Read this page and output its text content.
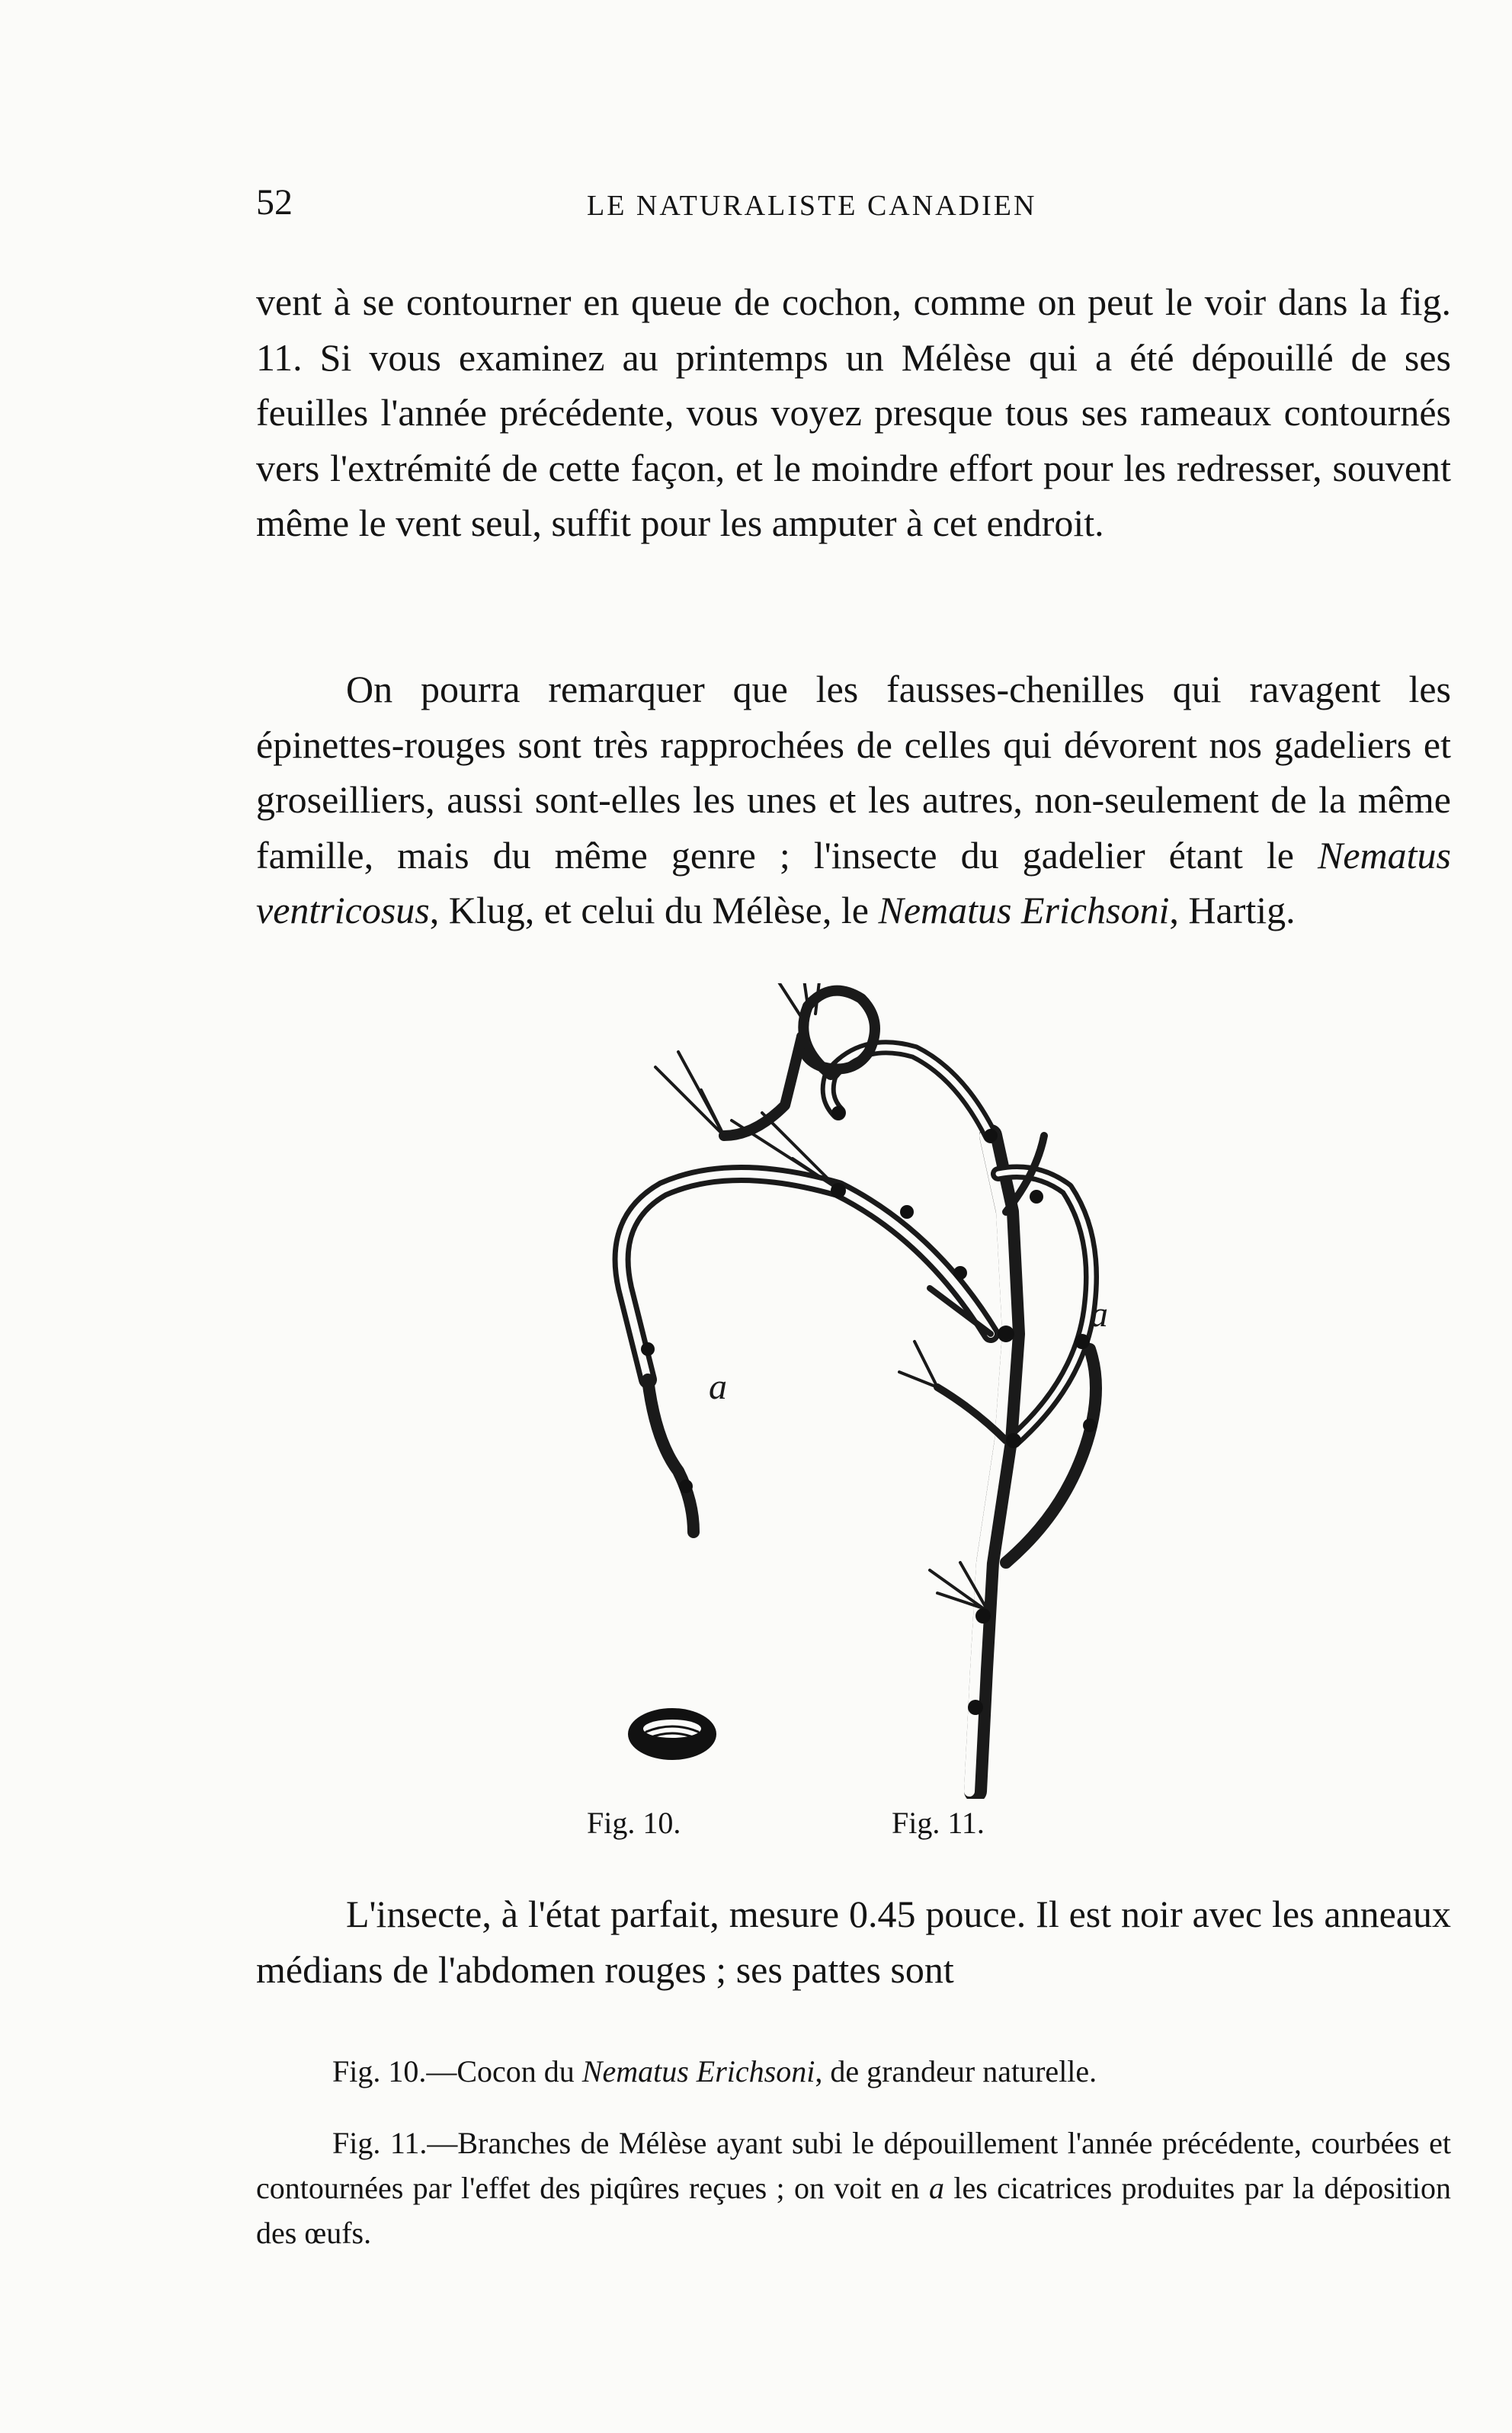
52	LE NATURALISTE CANADIEN

vent à se contourner en queue de cochon, comme on peut le voir dans la fig. 11. Si vous examinez au printemps un Mélèse qui a été dépouillé de ses feuilles l'année précédente, vous voyez presque tous ses rameaux contournés vers l'extrémité de cette façon, et le moindre effort pour les redresser, souvent même le vent seul, suffit pour les amputer à cet endroit.

On pourra remarquer que les fausses-chenilles qui ravagent les épinettes-rouges sont très rapprochées de celles qui dévorent nos gadeliers et groseilliers, aussi sont-elles les unes et les autres, non-seulement de la même famille, mais du même genre ; l'insecte du gadelier étant le Nematus ventricosus, Klug, et celui du Mélèse, le Nematus Erichsoni, Hartig.

a
a
Fig. 10.	Fig. 11.

L'insecte, à l'état parfait, mesure 0.45 pouce. Il est noir avec les anneaux médians de l'abdomen rouges ; ses pattes sont

Fig. 10.—Cocon du Nematus Erichsoni, de grandeur naturelle.

Fig. 11.—Branches de Mélèse ayant subi le dépouillement l'année précédente, courbées et contournées par l'effet des piqûres reçues ; on voit en a les cicatrices produites par la déposition des œufs.
